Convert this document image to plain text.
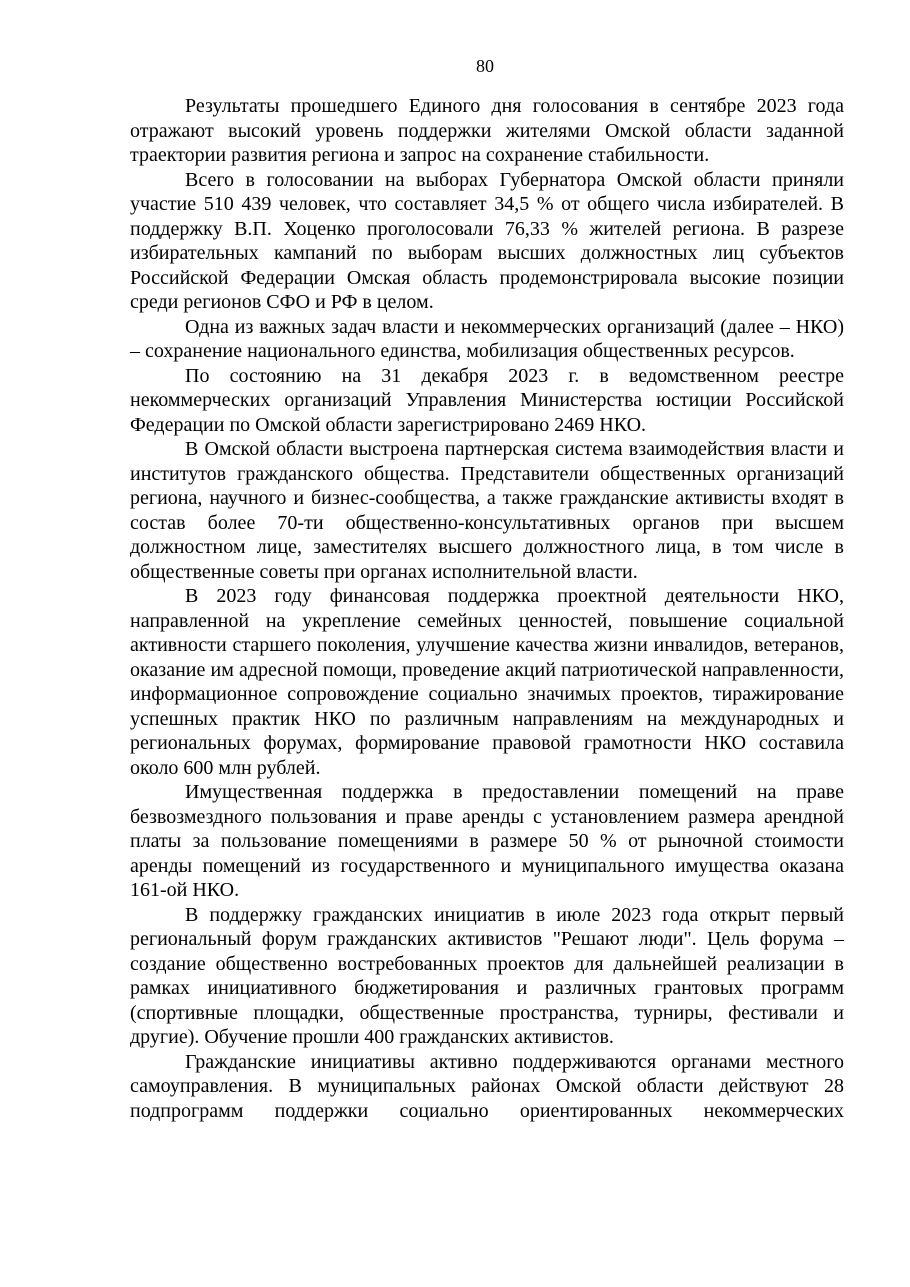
80

Результаты прошедшего Единого дня голосования в сентябре 2023 года отражают высокий уровень поддержки жителями Омской области заданной траектории развития региона и запрос на сохранение стабильности.

Всего в голосовании на выборах Губернатора Омской области приняли участие 510 439 человек, что составляет 34,5 % от общего числа избирателей. В поддержку В.П. Хоценко проголосовали 76,33 % жителей региона. В разрезе избирательных кампаний по выборам высших должностных лиц субъектов Российской Федерации Омская область продемонстрировала высокие позиции среди регионов СФО и РФ в целом.

Одна из важных задач власти и некоммерческих организаций (далее – НКО) – сохранение национального единства, мобилизация общественных ресурсов.

По состоянию на 31 декабря 2023 г. в ведомственном реестре некоммерческих организаций Управления Министерства юстиции Российской Федерации по Омской области зарегистрировано 2469 НКО.

В Омской области выстроена партнерская система взаимодействия власти и институтов гражданского общества. Представители общественных организаций региона, научного и бизнес-сообщества, а также гражданские активисты входят в состав более 70-ти общественно-консультативных органов при высшем должностном лице, заместителях высшего должностного лица, в том числе в общественные советы при органах исполнительной власти.

В 2023 году финансовая поддержка проектной деятельности НКО, направленной на укрепление семейных ценностей, повышение социальной активности старшего поколения, улучшение качества жизни инвалидов, ветеранов, оказание им адресной помощи, проведение акций патриотической направленности, информационное сопровождение социально значимых проектов, тиражирование успешных практик НКО по различным направлениям на международных и региональных форумах, формирование правовой грамотности НКО составила около 600 млн рублей.

Имущественная поддержка в предоставлении помещений на праве безвозмездного пользования и праве аренды с установлением размера арендной платы за пользование помещениями в размере 50 % от рыночной стоимости аренды помещений из государственного и муниципального имущества оказана 161-ой НКО.

В поддержку гражданских инициатив в июле 2023 года открыт первый региональный форум гражданских активистов "Решают люди". Цель форума – создание общественно востребованных проектов для дальнейшей реализации в рамках инициативного бюджетирования и различных грантовых программ (спортивные площадки, общественные пространства, турниры, фестивали и другие). Обучение прошли 400 гражданских активистов.

Гражданские инициативы активно поддерживаются органами местного самоуправления. В муниципальных районах Омской области действуют 28 подпрограмм поддержки социально ориентированных некоммерческих
